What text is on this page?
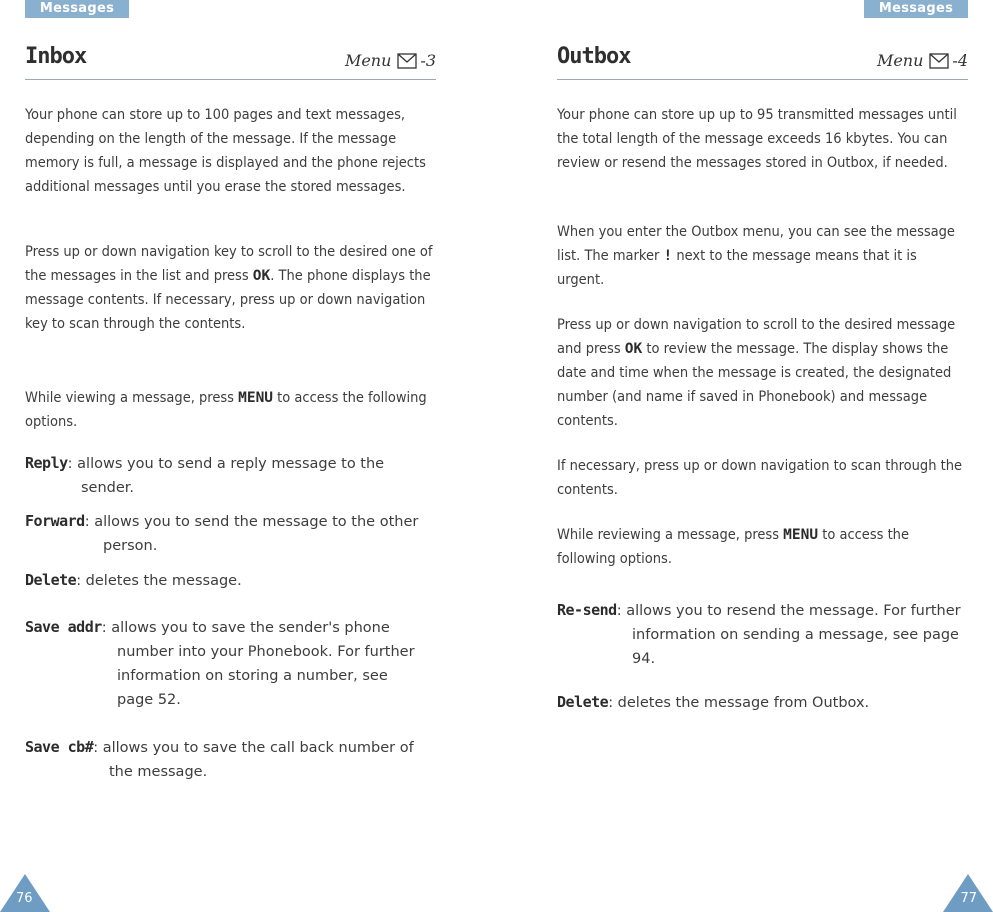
Messages	Messages
Inbox	Menu -3

Your phone can store up to 100 pages and text messages, depending on the length of the message. If the message memory is full, a message is displayed and the phone rejects additional messages until you erase the stored messages.

Press up or down navigation key to scroll to the desired one of the messages in the list and press OK. The phone displays the message contents. If necessary, press up or down navigation key to scan through the contents.

While viewing a message, press MENU to access the following options.

Reply: allows you to send a reply message to the
sender.
Forward: allows you to send the message to the other
person.
Delete: deletes the message.
Save addr: allows you to save the sender's phone
number into your Phonebook. For further information on storing a number, see page 52.
Save cb#: allows you to save the call back number of
the message.
Outbox	Menu -4

Your phone can store up up to 95 transmitted messages until the total length of the message exceeds 16 kbytes. You can review or resend the messages stored in Outbox, if needed.

When you enter the Outbox menu, you can see the message list. The marker ! next to the message means that it is urgent.

Press up or down navigation to scroll to the desired message and press OK to review the message. The display shows the date and time when the message is created, the designated number (and name if saved in Phonebook) and message contents.

If necessary, press up or down navigation to scan through the contents.

While reviewing a message, press MENU to access the following options.

Re-send: allows you to resend the message. For further
information on sending a message, see page 94.
Delete: deletes the message from Outbox.
76	77
